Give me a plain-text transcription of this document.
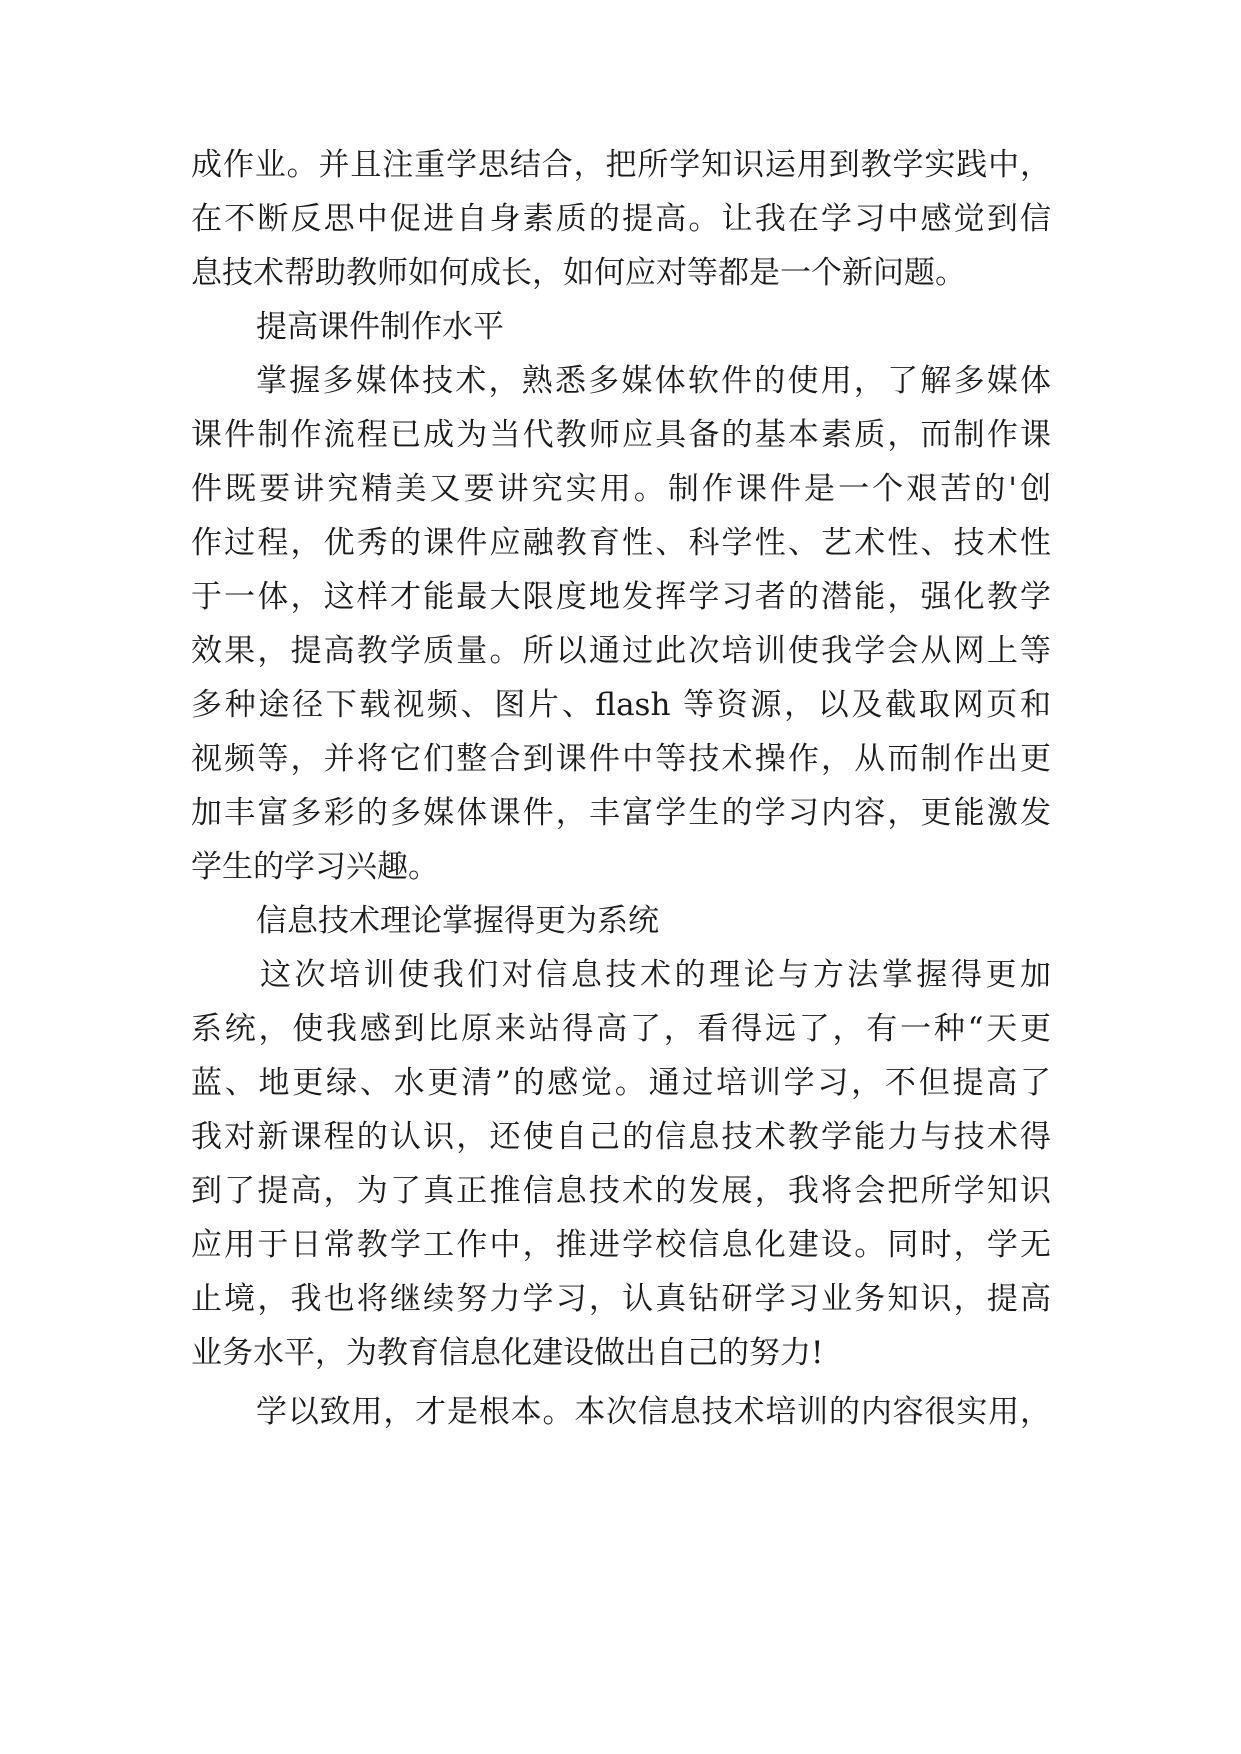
成作业。并且注重学思结合，把所学知识运用到教学实践中，

在不断反思中促进自身素质的提高。让我在学习中感觉到信

息技术帮助教师如何成长，如何应对等都是一个新问题。

提高课件制作水平

掌握多媒体技术，熟悉多媒体软件的使用，了解多媒体

课件制作流程已成为当代教师应具备的基本素质，而制作课

件既要讲究精美又要讲究实用。制作课件是一个艰苦的'创

作过程，优秀的课件应融教育性、科学性、艺术性、技术性

于一体，这样才能最大限度地发挥学习者的潜能，强化教学

效果，提高教学质量。所以通过此次培训使我学会从网上等

多种途径下载视频、图片、flash 等资源，以及截取网页和

视频等，并将它们整合到课件中等技术操作，从而制作出更

加丰富多彩的多媒体课件，丰富学生的学习内容，更能激发

学生的学习兴趣。

信息技术理论掌握得更为系统

这次培训使我们对信息技术的理论与方法掌握得更加

系统，使我感到比原来站得高了，看得远了，有一种“天更

蓝、地更绿、水更清”的感觉。通过培训学习，不但提高了

我对新课程的认识，还使自己的信息技术教学能力与技术得

到了提高，为了真正推信息技术的发展，我将会把所学知识

应用于日常教学工作中，推进学校信息化建设。同时，学无

止境，我也将继续努力学习，认真钻研学习业务知识，提高

业务水平，为教育信息化建设做出自己的努力!

学以致用，才是根本。本次信息技术培训的内容很实用，
